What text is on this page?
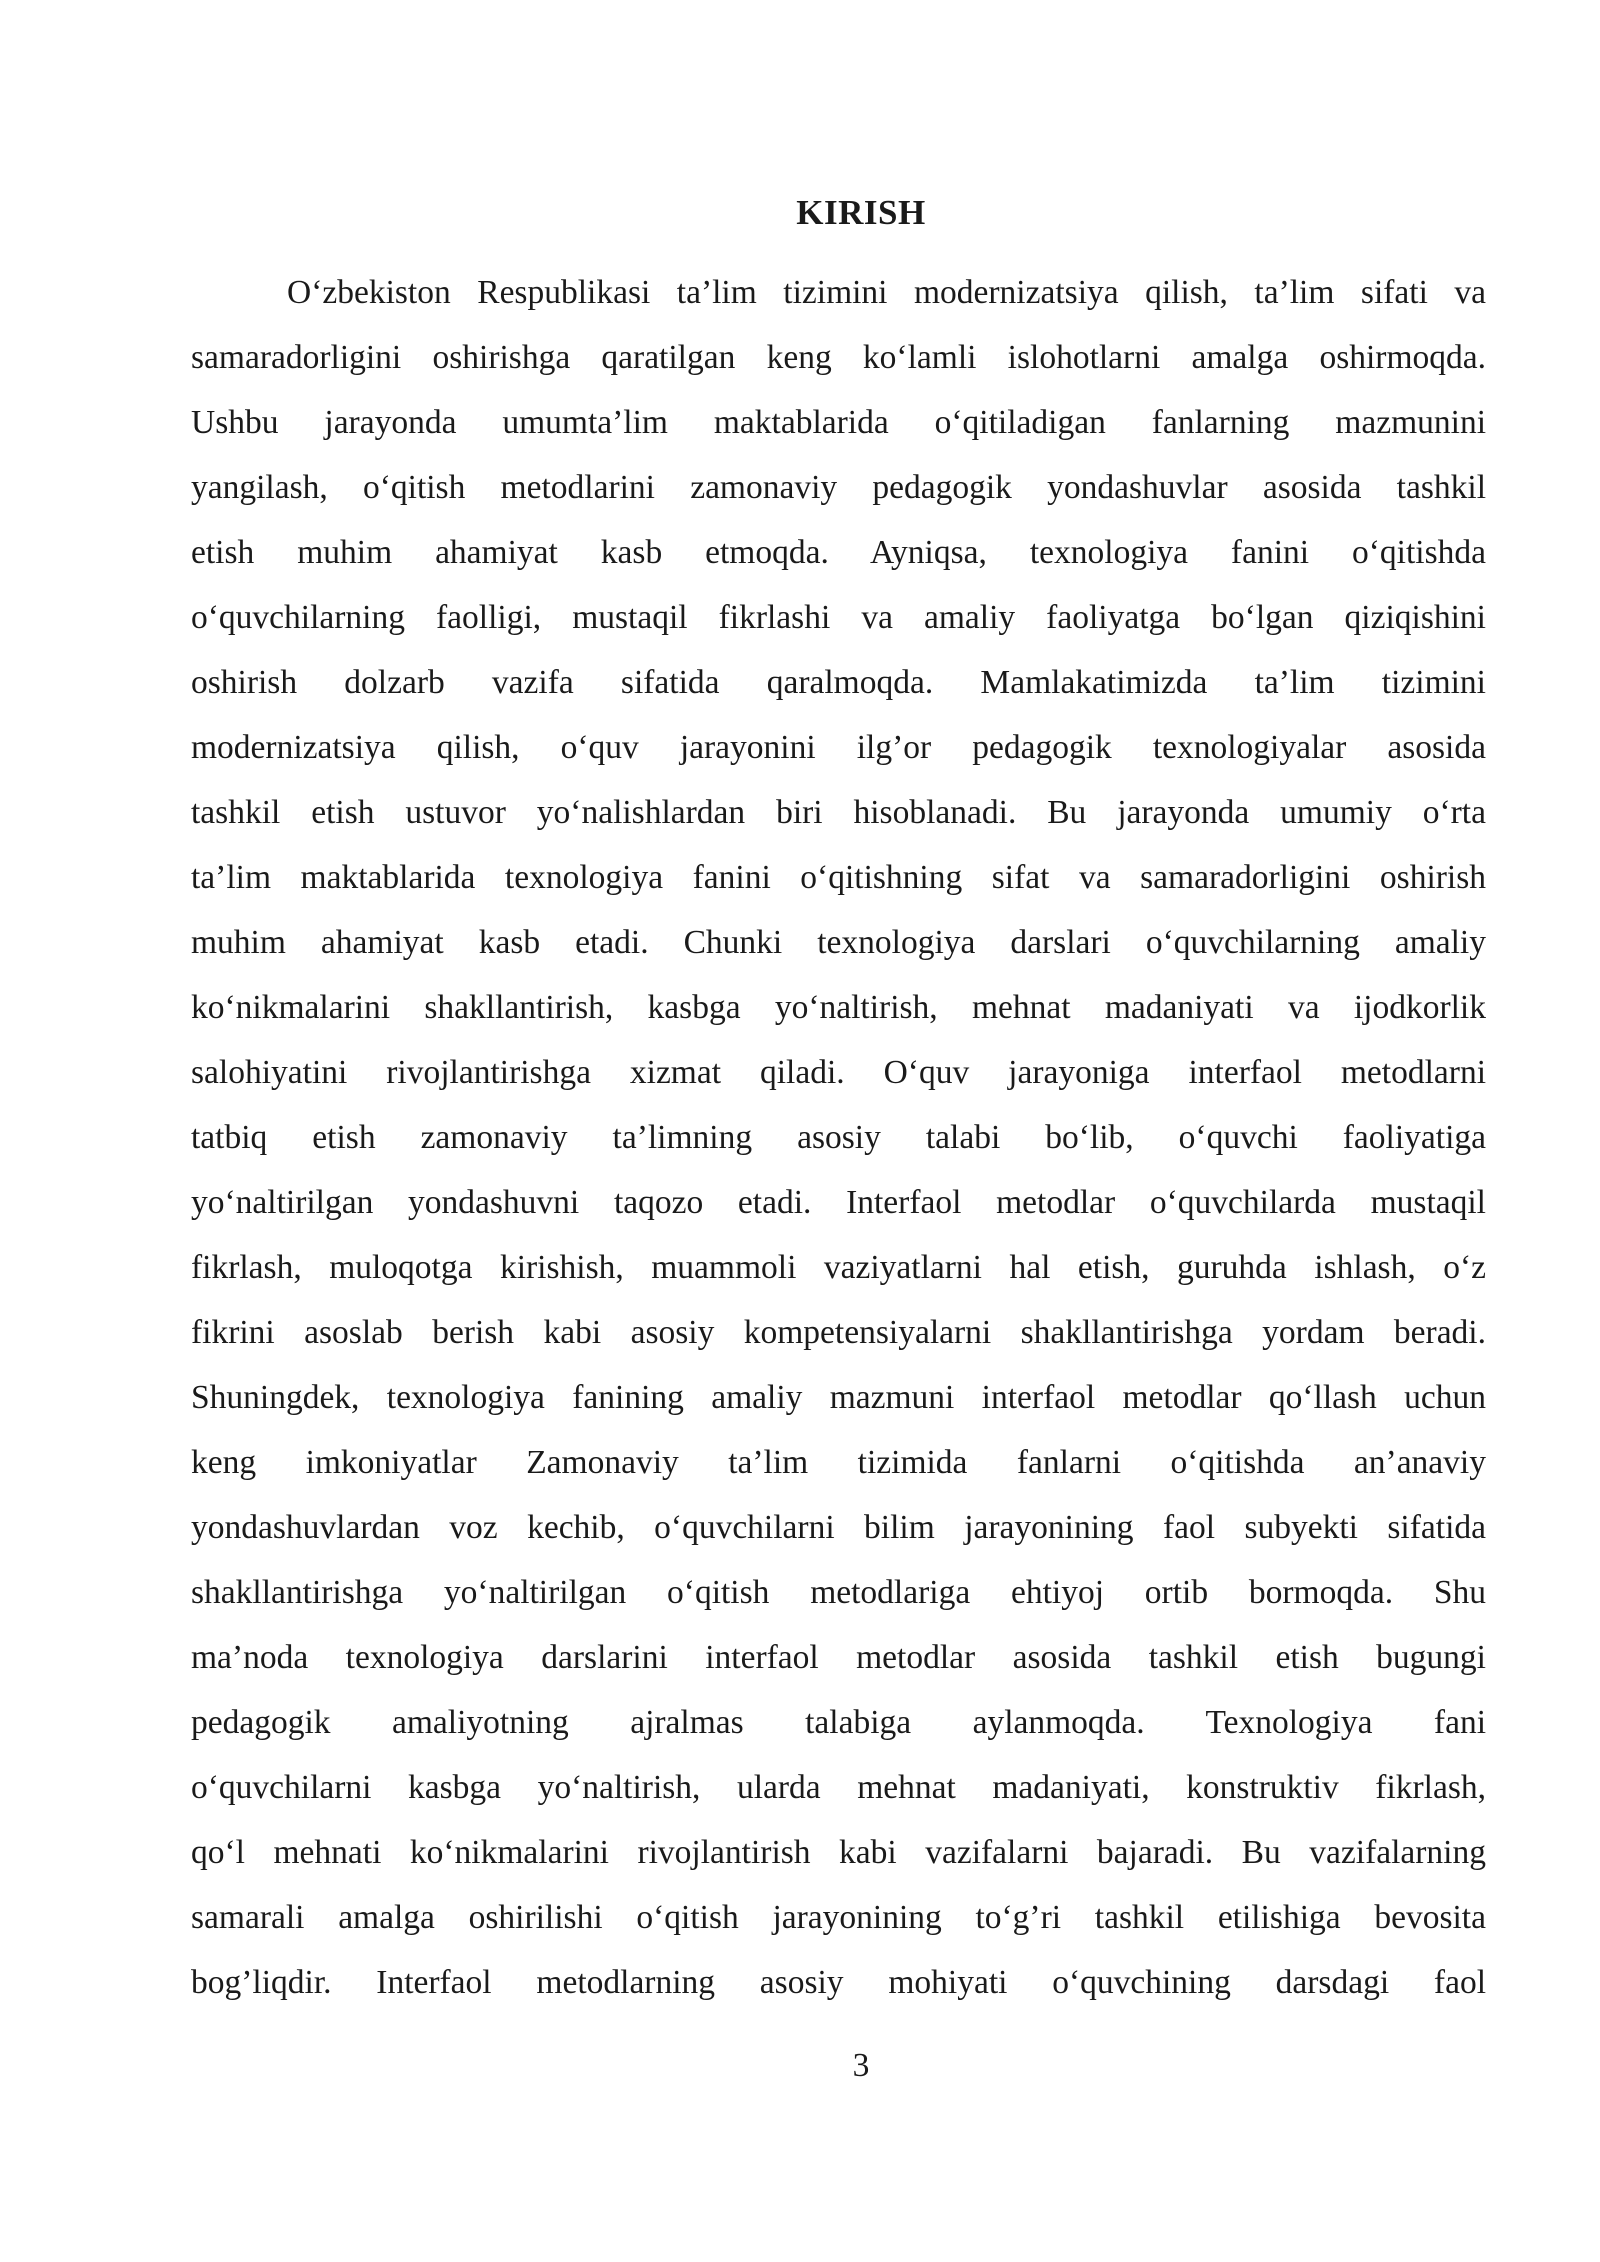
KIRISH
O‘zbekiston Respublikasi ta’lim tizimini modernizatsiya qilish, ta’lim sifati va
samaradorligini oshirishga qaratilgan keng ko‘lamli islohotlarni amalga oshirmoqda.
Ushbu jarayonda umumta’lim maktablarida o‘qitiladigan fanlarning mazmunini
yangilash, o‘qitish metodlarini zamonaviy pedagogik yondashuvlar asosida tashkil
etish muhim ahamiyat kasb etmoqda. Ayniqsa, texnologiya fanini o‘qitishda
o‘quvchilarning faolligi, mustaqil fikrlashi va amaliy faoliyatga bo‘lgan qiziqishini
oshirish dolzarb vazifa sifatida qaralmoqda. Mamlakatimizda ta’lim tizimini
modernizatsiya qilish, o‘quv jarayonini ilg’or pedagogik texnologiyalar asosida
tashkil etish ustuvor yo‘nalishlardan biri hisoblanadi. Bu jarayonda umumiy o‘rta
ta’lim maktablarida texnologiya fanini o‘qitishning sifat va samaradorligini oshirish
muhim ahamiyat kasb etadi. Chunki texnologiya darslari o‘quvchilarning amaliy
ko‘nikmalarini shakllantirish, kasbga yo‘naltirish, mehnat madaniyati va ijodkorlik
salohiyatini rivojlantirishga xizmat qiladi. O‘quv jarayoniga interfaol metodlarni
tatbiq etish zamonaviy ta’limning asosiy talabi bo‘lib, o‘quvchi faoliyatiga
yo‘naltirilgan yondashuvni taqozo etadi. Interfaol metodlar o‘quvchilarda mustaqil
fikrlash, muloqotga kirishish, muammoli vaziyatlarni hal etish, guruhda ishlash, o‘z
fikrini asoslab berish kabi asosiy kompetensiyalarni shakllantirishga yordam beradi.
Shuningdek, texnologiya fanining amaliy mazmuni interfaol metodlar qo‘llash uchun
keng imkoniyatlar Zamonaviy ta’lim tizimida fanlarni o‘qitishda an’anaviy
yondashuvlardan voz kechib, o‘quvchilarni bilim jarayonining faol subyekti sifatida
shakllantirishga yo‘naltirilgan o‘qitish metodlariga ehtiyoj ortib bormoqda. Shu
ma’noda texnologiya darslarini interfaol metodlar asosida tashkil etish bugungi
pedagogik amaliyotning ajralmas talabiga aylanmoqda. Texnologiya fani
o‘quvchilarni kasbga yo‘naltirish, ularda mehnat madaniyati, konstruktiv fikrlash,
qo‘l mehnati ko‘nikmalarini rivojlantirish kabi vazifalarni bajaradi. Bu vazifalarning
samarali amalga oshirilishi o‘qitish jarayonining to‘g’ri tashkil etilishiga bevosita
bog’liqdir. Interfaol metodlarning asosiy mohiyati o‘quvchining darsdagi faol
3
